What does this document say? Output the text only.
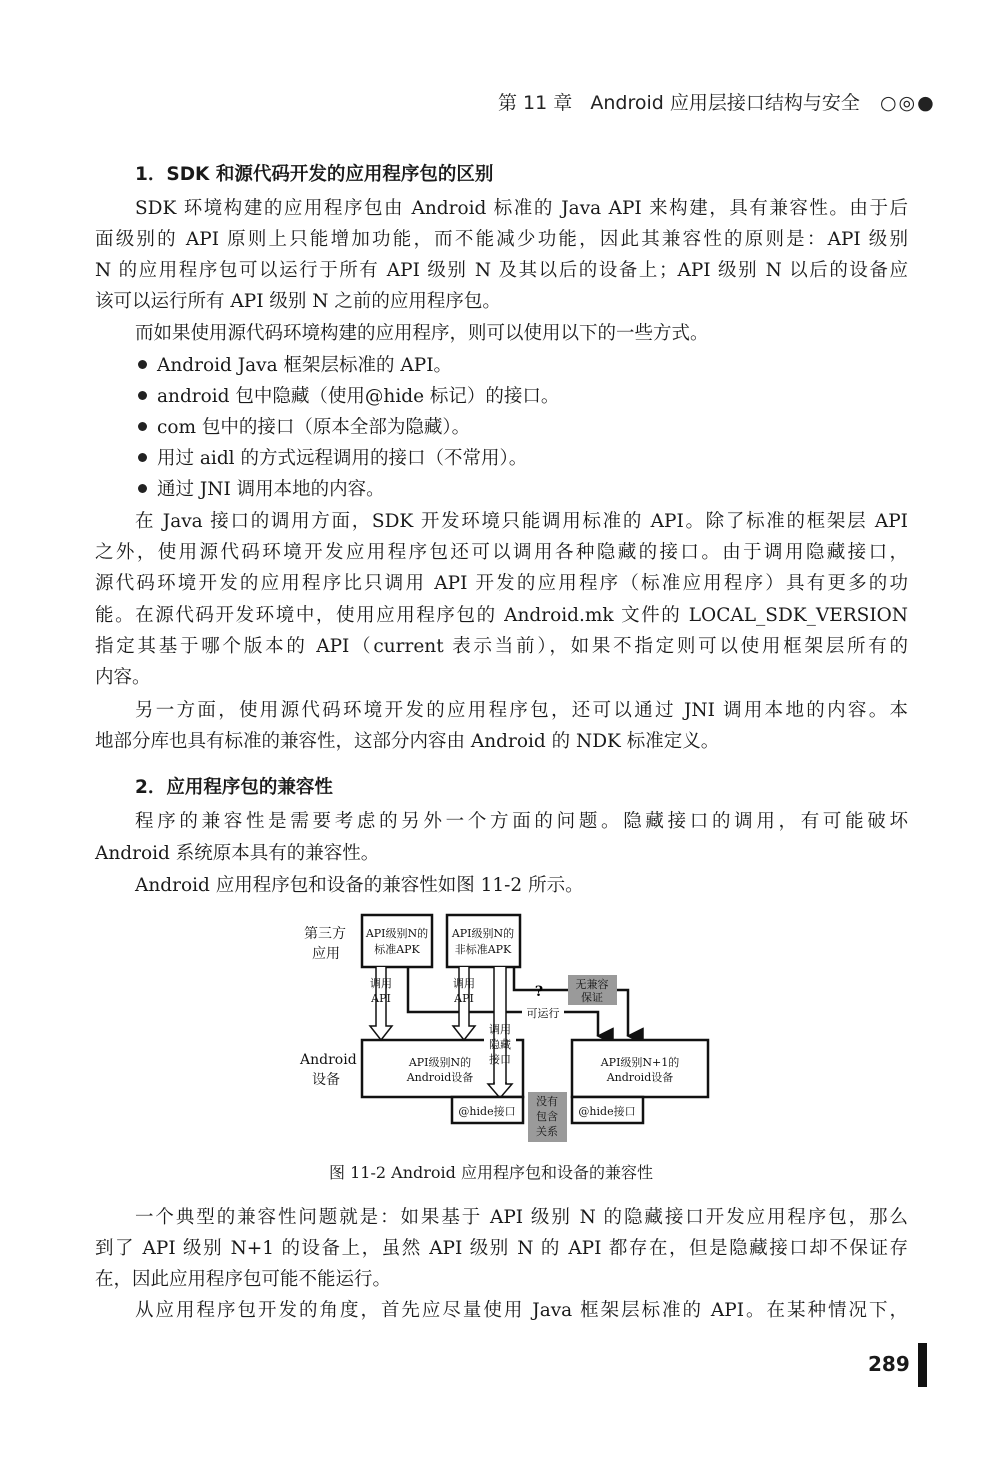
第 11 章 Android 应用层接口结构与安全 ○◎●
1．SDK 和源代码开发的应用程序包的区别
SDK 环境构建的应用程序包由 Android 标准的 Java API 来构建，具有兼容性。由于后
面级别的 API 原则上只能增加功能，而不能减少功能，因此其兼容性的原则是：API 级别
N 的应用程序包可以运行于所有 API 级别 N 及其以后的设备上；API 级别 N 以后的设备应
该可以运行所有 API 级别 N 之前的应用程序包。
而如果使用源代码环境构建的应用程序，则可以使用以下的一些方式。
Android Java 框架层标准的 API。
android 包中隐藏（使用@hide 标记）的接口。
com 包中的接口（原本全部为隐藏）。
用过 aidl 的方式远程调用的接口（不常用）。
通过 JNI 调用本地的内容。
在 Java 接口的调用方面，SDK 开发环境只能调用标准的 API。除了标准的框架层 API
之外，使用源代码环境开发应用程序包还可以调用各种隐藏的接口。由于调用隐藏接口，
源代码环境开发的应用程序比只调用 API 开发的应用程序（标准应用程序）具有更多的功
能。在源代码开发环境中，使用应用程序包的 Android.mk 文件的 LOCAL_SDK_VERSION
指定其基于哪个版本的 API（current 表示当前），如果不指定则可以使用框架层所有的
内容。
另一方面，使用源代码环境开发的应用程序包，还可以通过 JNI 调用本地的内容。本
地部分库也具有标准的兼容性，这部分内容由 Android 的 NDK 标准定义。
2．应用程序包的兼容性
程序的兼容性是需要考虑的另外一个方面的问题。隐藏接口的调用，有可能破坏
Android 系统原本具有的兼容性。
Android 应用程序包和设备的兼容性如图 11-2 所示。
第三方
应用
Android
设备
API级别N的
标准APK
API级别N的
非标准APK
调用
API
调用
API
调用
隐藏
接口
API级别N的
Android设备
API级别N+1的
Android设备
@hide接口	@hide接口
可运行
?	无兼容
保证
没有
包含
关系
图 11-2 Android 应用程序包和设备的兼容性
一个典型的兼容性问题就是：如果基于 API 级别 N 的隐藏接口开发应用程序包，那么
到了 API 级别 N+1 的设备上，虽然 API 级别 N 的 API 都存在，但是隐藏接口却不保证存
在，因此应用程序包可能不能运行。
从应用程序包开发的角度，首先应尽量使用 Java 框架层标准的 API。在某种情况下，
289
